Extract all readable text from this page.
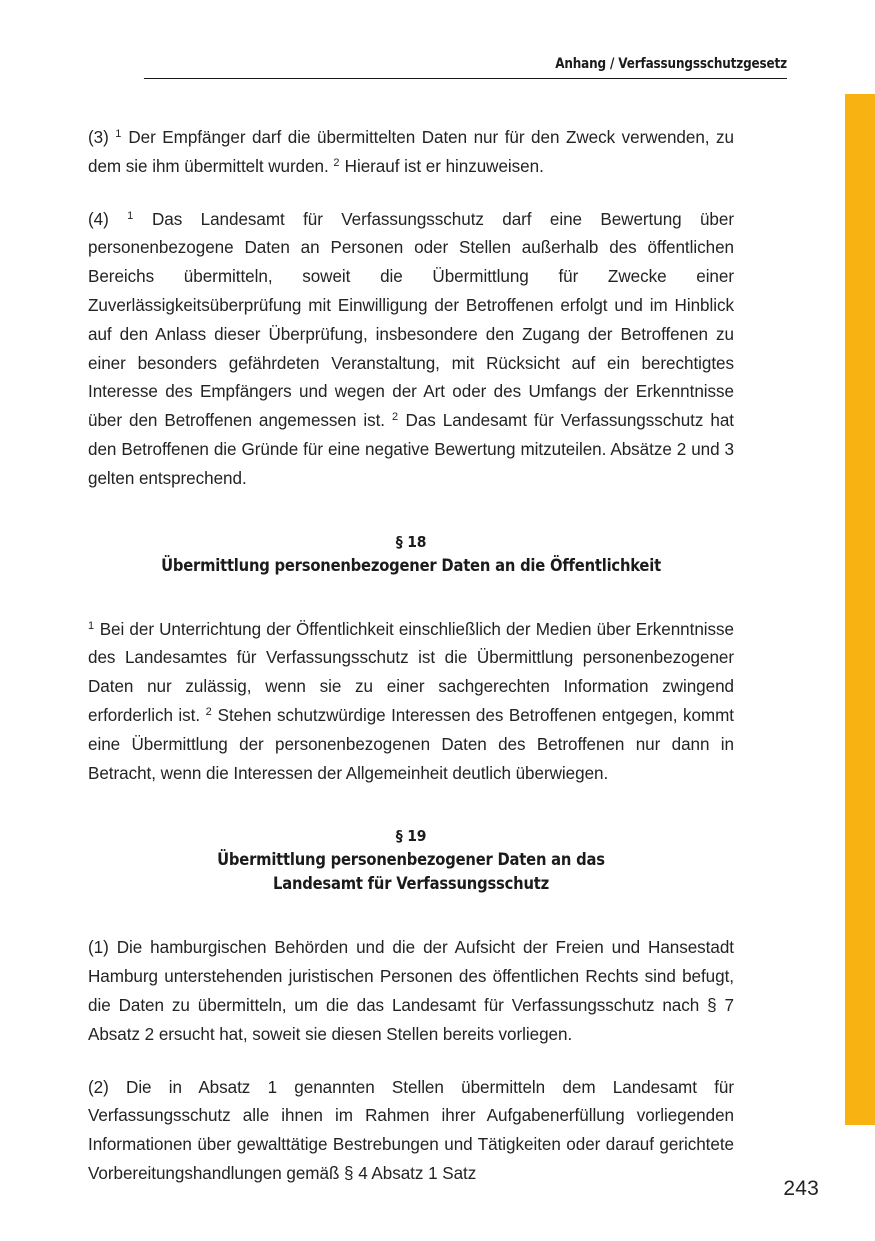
Anhang / Verfassungsschutzgesetz

(3) $^1$ Der Empfänger darf die übermittelten Daten nur für den Zweck verwenden, zu dem sie ihm übermittelt wurden. $^2$ Hierauf ist er hinzuweisen.

(4) $^1$ Das Landesamt für Verfassungsschutz darf eine Bewertung über personenbezogene Daten an Personen oder Stellen außerhalb des öffentlichen Bereichs übermitteln, soweit die Übermittlung für Zwecke einer Zuverlässigkeitsüberprüfung mit Einwilligung der Betroffenen erfolgt und im Hinblick auf den Anlass dieser Überprüfung, insbesondere den Zugang der Betroffenen zu einer besonders gefährdeten Veranstaltung, mit Rücksicht auf ein berechtigtes Interesse des Empfängers und wegen der Art oder des Umfangs der Erkenntnisse über den Betroffenen angemessen ist. $^2$ Das Landesamt für Verfassungsschutz hat den Betroffenen die Gründe für eine negative Bewertung mitzuteilen. Absätze 2 und 3 gelten entsprechend.

§ 18
Übermittlung personenbezogener Daten an die Öffentlichkeit

$^1$ Bei der Unterrichtung der Öffentlichkeit einschließlich der Medien über Erkenntnisse des Landesamtes für Verfassungsschutz ist die Übermittlung personenbezogener Daten nur zulässig, wenn sie zu einer sachgerechten Information zwingend erforderlich ist. $^2$ Stehen schutzwürdige Interessen des Betroffenen entgegen, kommt eine Übermittlung der personenbezogenen Daten des Betroffenen nur dann in Betracht, wenn die Interessen der Allgemeinheit deutlich überwiegen.

§ 19
Übermittlung personenbezogener Daten an das
Landesamt für Verfassungsschutz

(1) Die hamburgischen Behörden und die der Aufsicht der Freien und Hansestadt Hamburg unterstehenden juristischen Personen des öffentlichen Rechts sind befugt, die Daten zu übermitteln, um die das Landesamt für Verfassungsschutz nach § 7 Absatz 2 ersucht hat, soweit sie diesen Stellen bereits vorliegen.

(2) Die in Absatz 1 genannten Stellen übermitteln dem Landesamt für Verfassungsschutz alle ihnen im Rahmen ihrer Aufgabenerfüllung vorliegenden Informationen über gewalttätige Bestrebungen und Tätigkeiten oder darauf gerichtete Vorbereitungshandlungen gemäß § 4 Absatz 1 Satz

243
